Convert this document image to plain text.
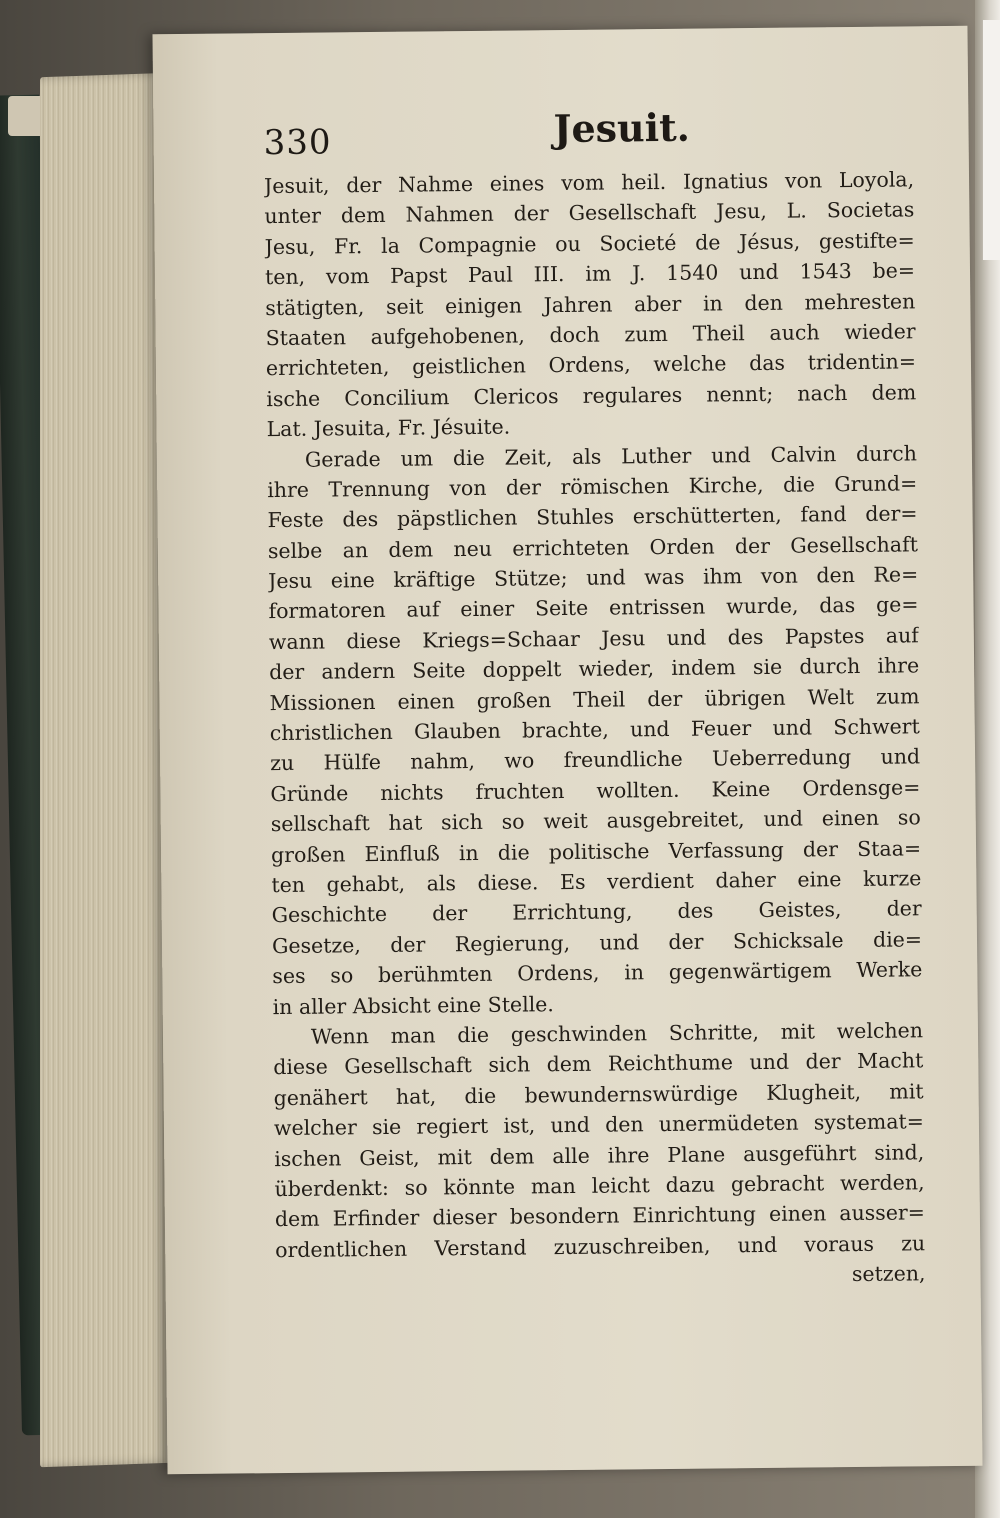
330	Jesuit.
Jesuit, der Nahme eines vom heil. Ignatius von Loyola,
unter dem Nahmen der Gesellschaft Jesu, L. Societas
Jesu, Fr. la Compagnie ou Societé de Jésus, gestifte=
ten, vom Papst Paul III. im J. 1540 und 1543 be=
stätigten, seit einigen Jahren aber in den mehresten
Staaten aufgehobenen, doch zum Theil auch wieder
errichteten, geistlichen Ordens, welche das tridentin=
ische Concilium Clericos regulares nennt; nach dem
Lat. Jesuita, Fr. Jésuite.
Gerade um die Zeit, als Luther und Calvin durch
ihre Trennung von der römischen Kirche, die Grund=
Feste des päpstlichen Stuhles erschütterten, fand der=
selbe an dem neu errichteten Orden der Gesellschaft
Jesu eine kräftige Stütze; und was ihm von den Re=
formatoren auf einer Seite entrissen wurde, das ge=
wann diese Kriegs=Schaar Jesu und des Papstes auf
der andern Seite doppelt wieder, indem sie durch ihre
Missionen einen großen Theil der übrigen Welt zum
christlichen Glauben brachte, und Feuer und Schwert
zu Hülfe nahm, wo freundliche Ueberredung und
Gründe nichts fruchten wollten. Keine Ordensge=
sellschaft hat sich so weit ausgebreitet, und einen so
großen Einfluß in die politische Verfassung der Staa=
ten gehabt, als diese. Es verdient daher eine kurze
Geschichte der Errichtung, des Geistes, der
Gesetze, der Regierung, und der Schicksale die=
ses so berühmten Ordens, in gegenwärtigem Werke
in aller Absicht eine Stelle.
Wenn man die geschwinden Schritte, mit welchen
diese Gesellschaft sich dem Reichthume und der Macht
genähert hat, die bewundernswürdige Klugheit, mit
welcher sie regiert ist, und den unermüdeten systemat=
ischen Geist, mit dem alle ihre Plane ausgeführt sind,
überdenkt: so könnte man leicht dazu gebracht werden,
dem Erfinder dieser besondern Einrichtung einen ausser=
ordentlichen Verstand zuzuschreiben, und voraus zu
setzen,
